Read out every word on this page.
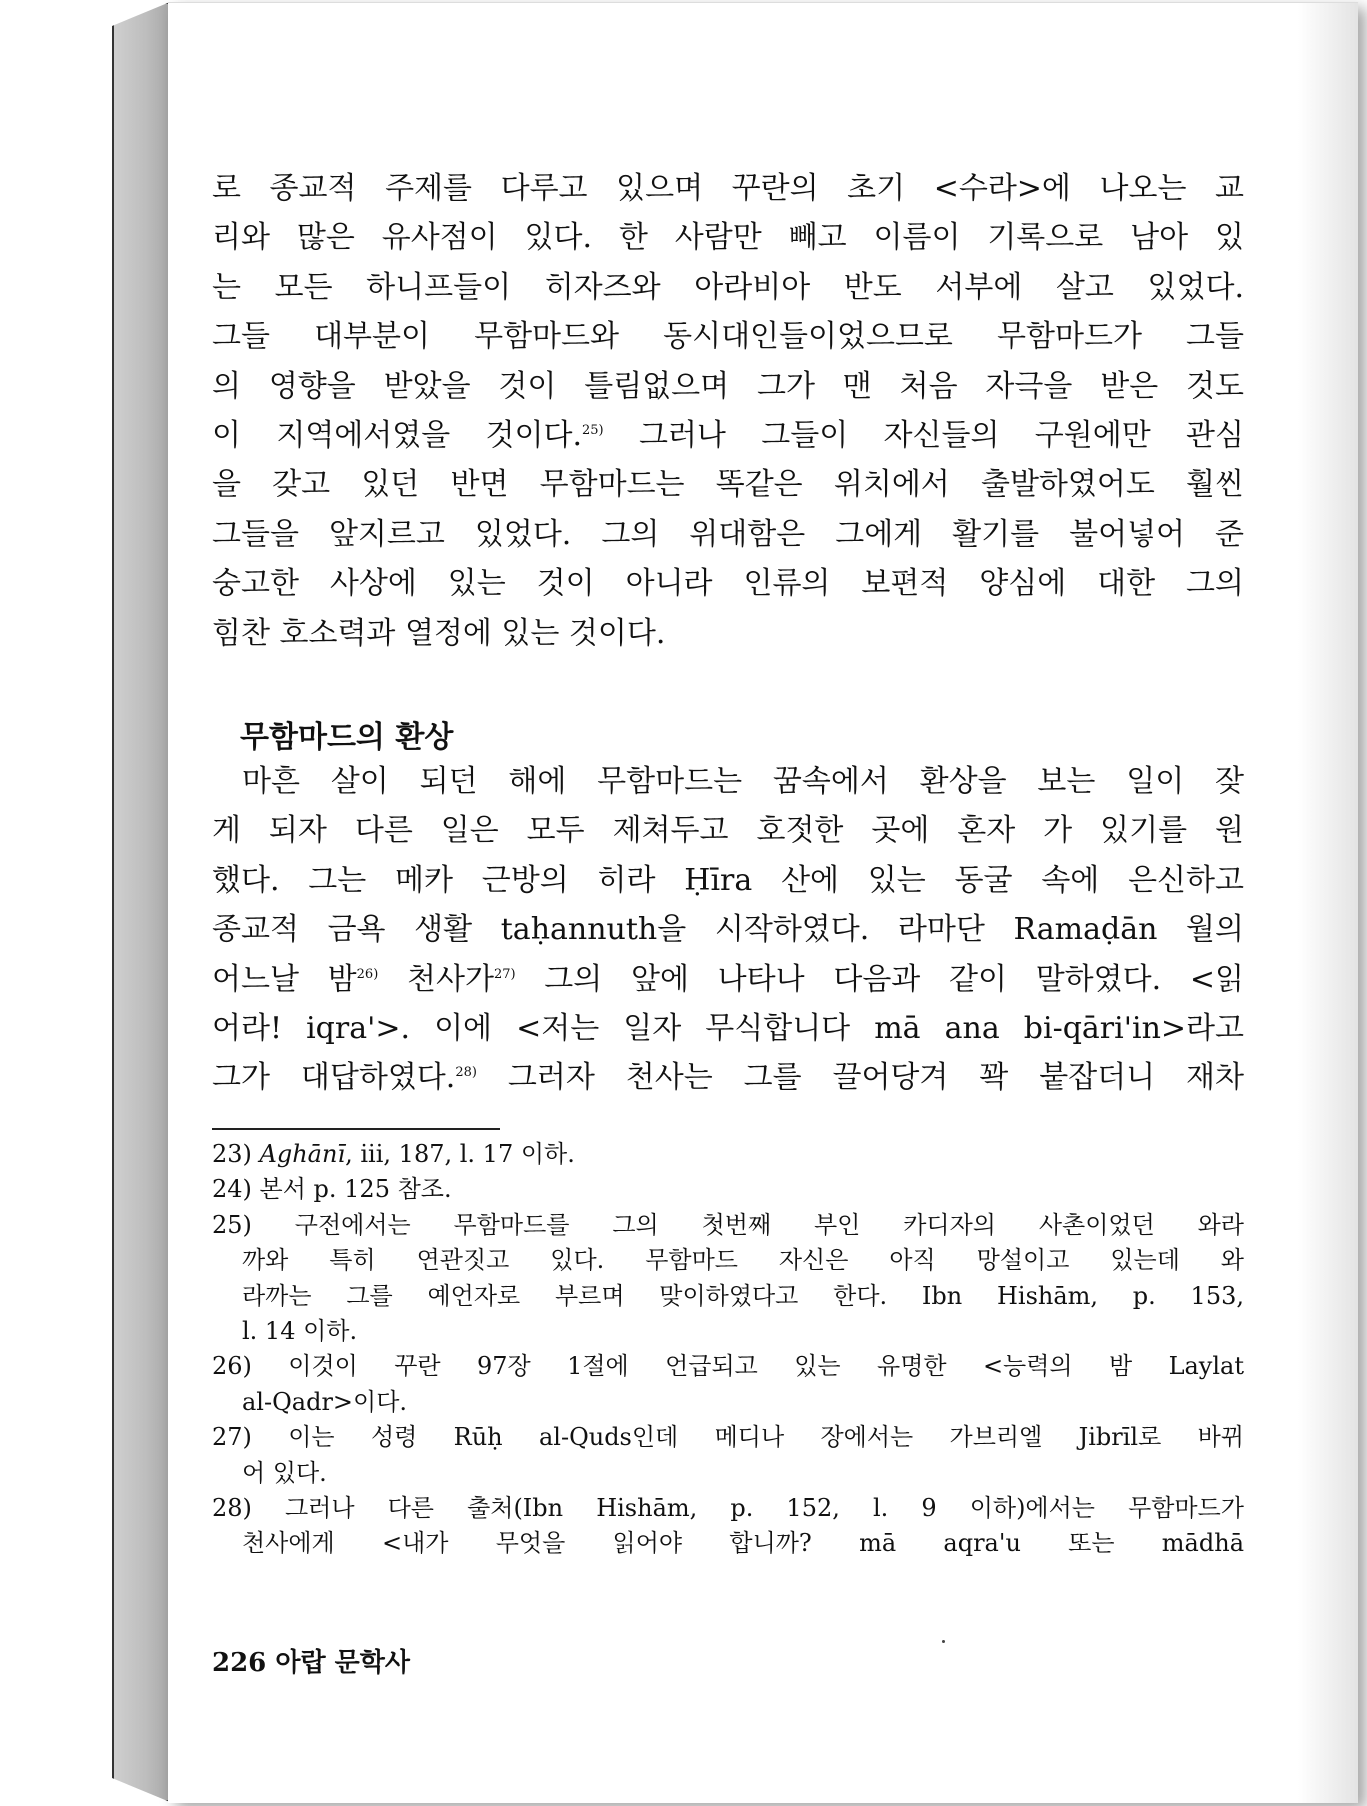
로 종교적 주제를 다루고 있으며 꾸란의 초기 <수라>에 나오는 교
리와 많은 유사점이 있다. 한 사람만 빼고 이름이 기록으로 남아 있
는 모든 하니프들이 히자즈와 아라비아 반도 서부에 살고 있었다.
그들 대부분이 무함마드와 동시대인들이었으므로 무함마드가 그들
의 영향을 받았을 것이 틀림없으며 그가 맨 처음 자극을 받은 것도
이 지역에서였을 것이다.$^{25)}$ 그러나 그들이 자신들의 구원에만 관심
을 갖고 있던 반면 무함마드는 똑같은 위치에서 출발하였어도 훨씬
그들을 앞지르고 있었다. 그의 위대함은 그에게 활기를 불어넣어 준
숭고한 사상에 있는 것이 아니라 인류의 보편적 양심에 대한 그의
힘찬 호소력과 열정에 있는 것이다.
무함마드의 환상
마흔 살이 되던 해에 무함마드는 꿈속에서 환상을 보는 일이 잦
게 되자 다른 일은 모두 제쳐두고 호젓한 곳에 혼자 가 있기를 원
했다. 그는 메카 근방의 히라 Ḥīra 산에 있는 동굴 속에 은신하고
종교적 금욕 생활 taḥannuth을 시작하였다. 라마단 Ramaḍān 월의
어느날 밤$^{26)}$ 천사가$^{27)}$ 그의 앞에 나타나 다음과 같이 말하였다. <읽
어라! iqra'>. 이에 <저는 일자 무식합니다 mā ana bi-qāri'in>라고
그가 대답하였다.$^{28)}$ 그러자 천사는 그를 끌어당겨 꽉 붙잡더니 재차
23) Aghānī, iii, 187, l. 17 이하.
24) 본서 p. 125 참조.
25) 구전에서는 무함마드를 그의 첫번째 부인 카디자의 사촌이었던 와라
까와 특히 연관짓고 있다. 무함마드 자신은 아직 망설이고 있는데 와
라까는 그를 예언자로 부르며 맞이하였다고 한다. Ibn Hishām, p. 153,
l. 14 이하.
26) 이것이 꾸란 97장 1절에 언급되고 있는 유명한 <능력의 밤 Laylat
al-Qadr>이다.
27) 이는 성령 Rūḥ al-Quds인데 메디나 장에서는 가브리엘 Jibrīl로 바뀌
어 있다.
28) 그러나 다른 출처(Ibn Hishām, p. 152, l. 9 이하)에서는 무함마드가
천사에게 <내가 무엇을 읽어야 합니까? mā aqra'u 또는 mādhā
226 아랍 문학사
